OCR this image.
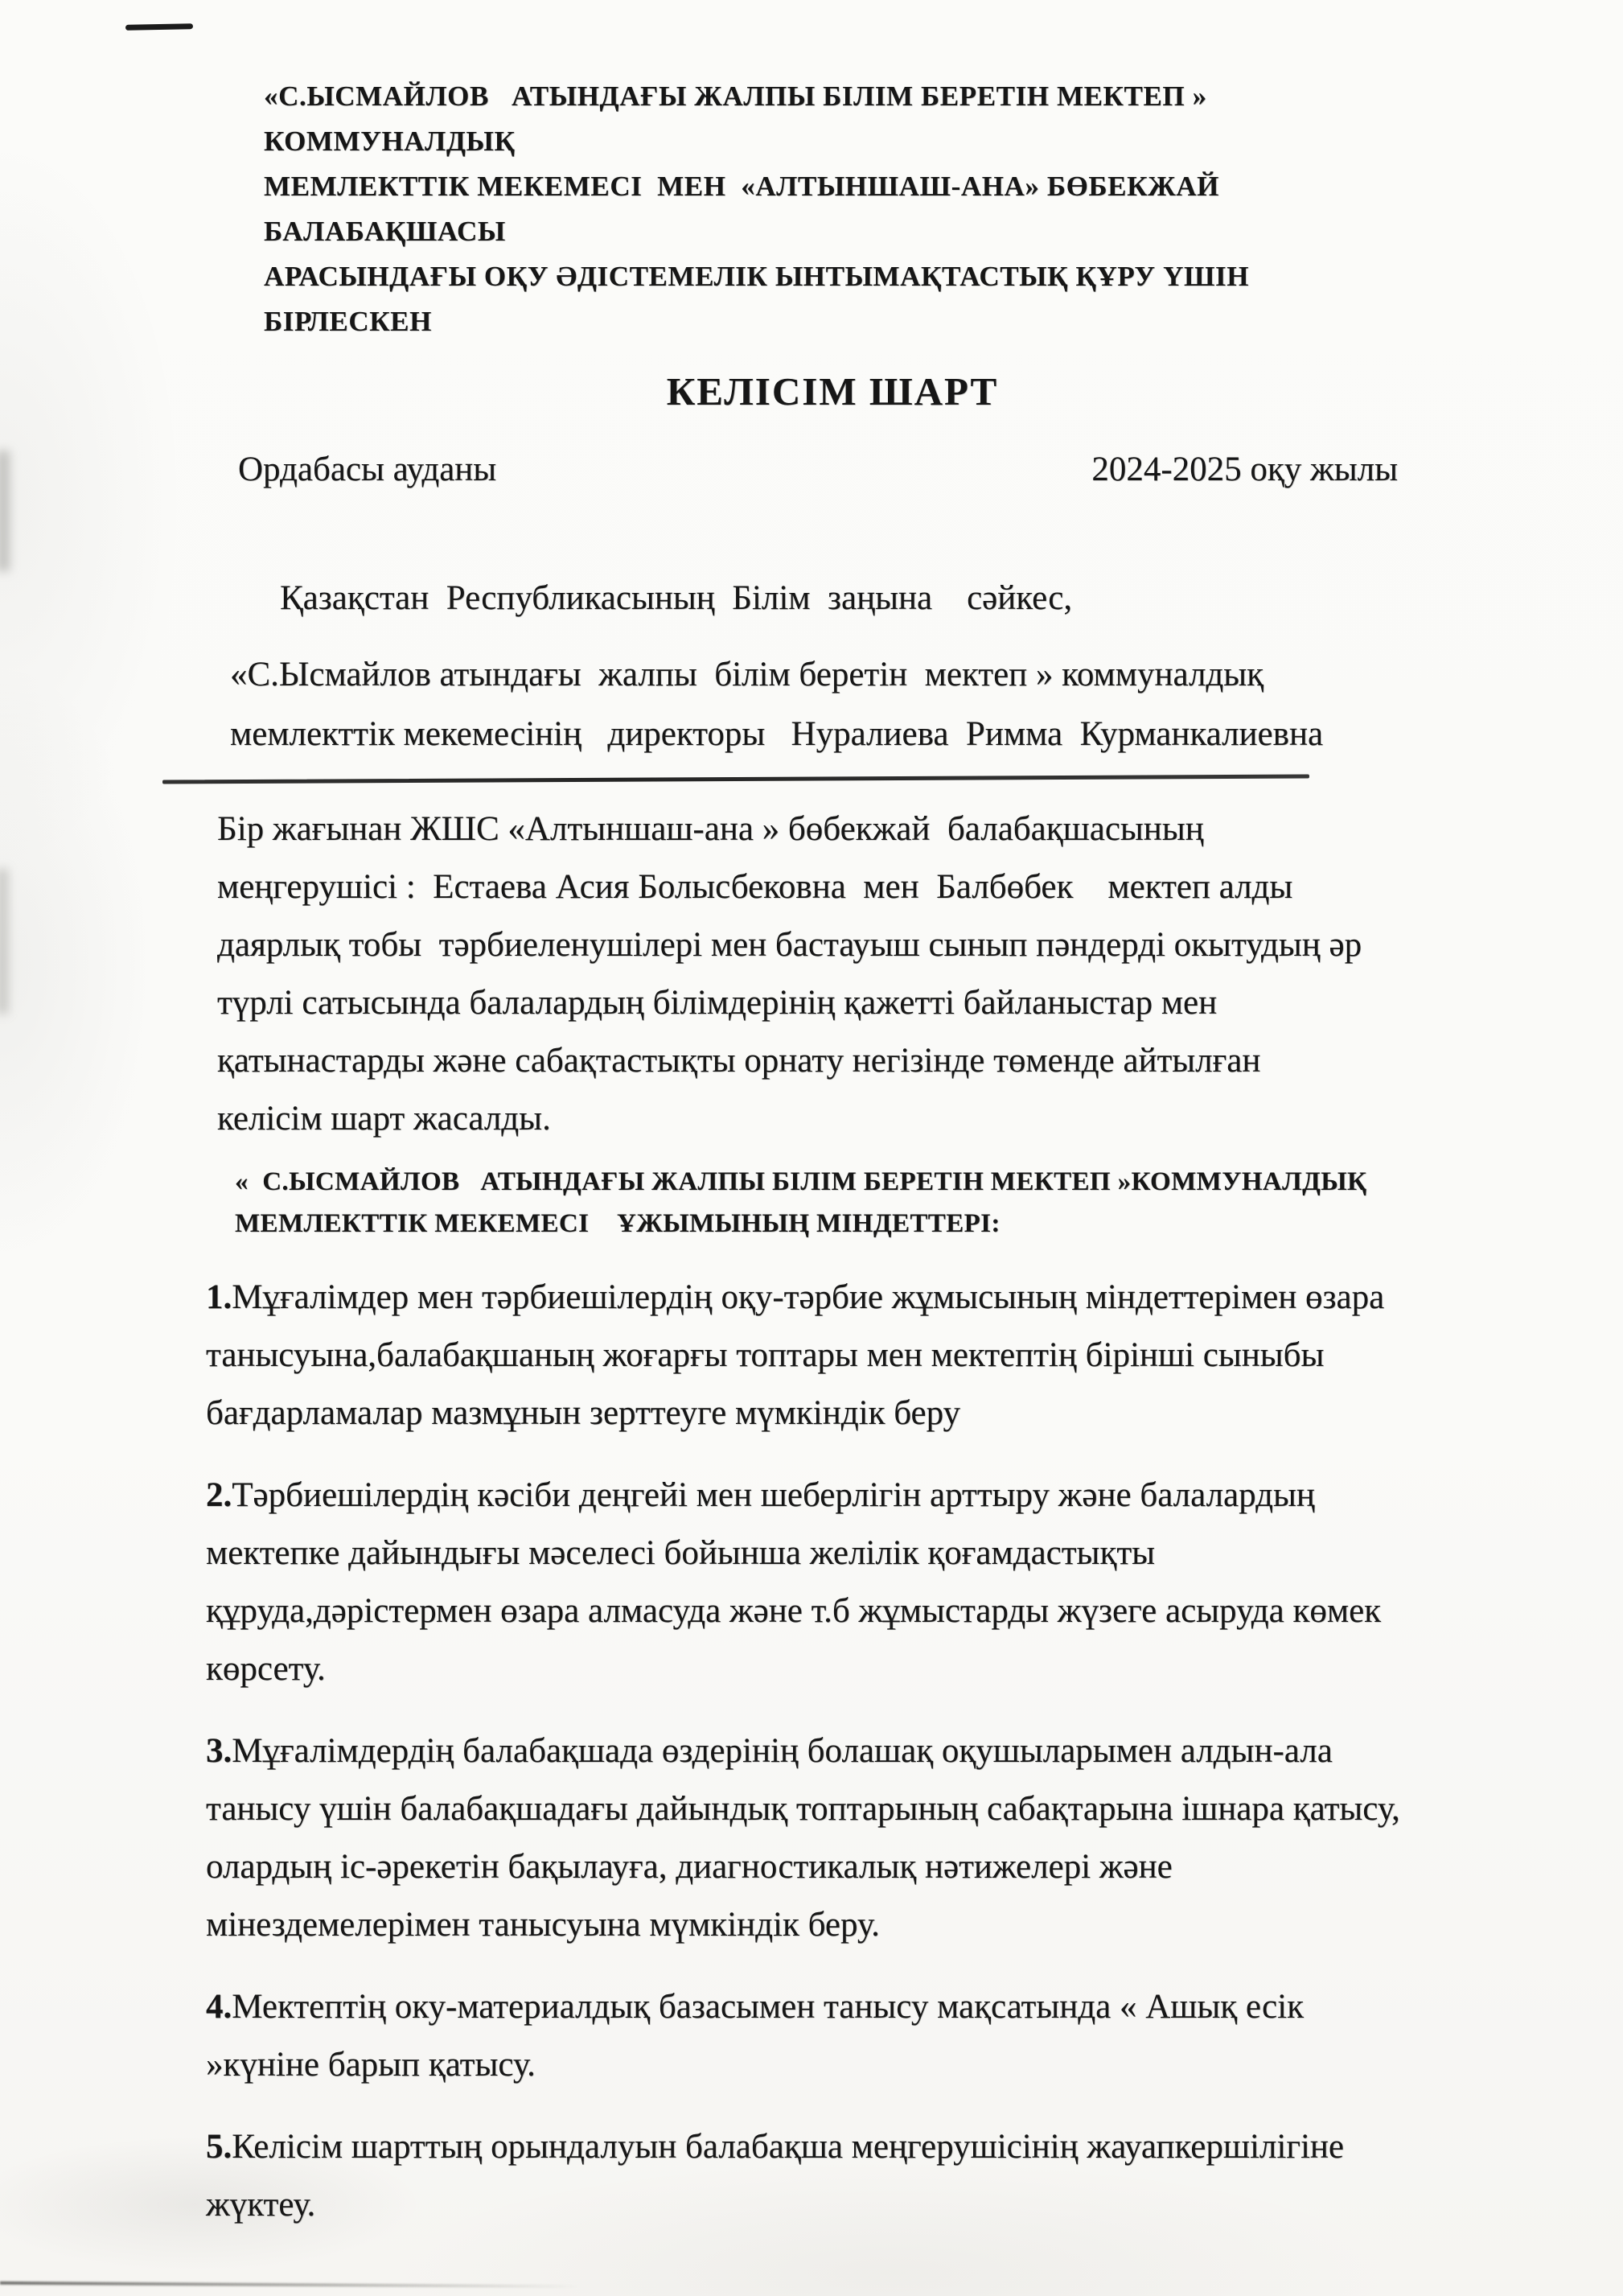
«С.ЫСМАЙЛОВ   АТЫНДАҒЫ ЖАЛПЫ БІЛІМ БЕРЕТІН МЕКТЕП » КОММУНАЛДЫҚ
МЕМЛЕКТТІК МЕКЕМЕСІ  МЕН  «АЛТЫНШАШ-АНА» БӨБЕКЖАЙ БАЛАБАҚШАСЫ
АРАСЫНДАҒЫ ОҚУ ӘДІСТЕМЕЛІК ЫНТЫМАҚТАСТЫҚ ҚҰРУ ҮШІН БІРЛЕСКЕН
КЕЛІСІМ ШАРТ
Ордабасы ауданы	2024-2025 оқу жылы
Қазақстан  Республикасының  Білім  заңына    сәйкес,
«С.Ысмайлов атындағы  жалпы  білім беретін  мектеп » коммуналдық
мемлекттік мекемесінің   директоры   Нуралиева  Римма  Курманкалиевна
Бір жағынан ЖШС «Алтыншаш-ана » бөбекжай  балабақшасының
меңгерушісі :  Естаева Асия Болысбековна  мен  Балбөбек    мектеп алды
даярлық тобы  тәрбиеленушілері мен бастауыш сынып пәндерді окытудың әр
түрлі сатысында балалардың білімдерінің қажетті байланыстар мен
қатынастарды және сабақтастықты орнату негізінде төменде айтылған
келісім шарт жасалды.
«  С.ЫСМАЙЛОВ   АТЫНДАҒЫ ЖАЛПЫ БІЛІМ БЕРЕТІН МЕКТЕП »КОММУНАЛДЫҚ
МЕМЛЕКТТІК МЕКЕМЕСІ    ҰЖЫМЫНЫҢ МІНДЕТТЕРІ:

1.Мұғалімдер мен тәрбиешілердің оқу-тәрбие жұмысының міндеттерімен өзара танысуына,балабақшаның жоғарғы топтары мен мектептің бірінші сыныбы бағдарламалар мазмұнын зерттеуге мүмкіндік беру

2.Тәрбиешілердің кәсіби деңгейі мен шеберлігін арттыру және балалардың мектепке дайындығы мәселесі бойынша желілік қоғамдастықты құруда,дәрістермен өзара алмасуда және т.б жұмыстарды жүзеге асыруда көмек көрсету.

3.Мұғалімдердің балабақшада өздерінің болашақ оқушыларымен алдын-ала танысу үшін балабақшадағы дайындық топтарының сабақтарына ішнара қатысу, олардың іс-әрекетін бақылауға, диагностикалық нәтижелері және мінездемелерімен танысуына мүмкіндік беру.

4.Мектептің оку-материалдық базасымен танысу мақсатында « Ашық есік »күніне барып қатысу.

5.Келісім шарттың орындалуын балабақша меңгерушісінің жауапкершілігіне жүктеу.
